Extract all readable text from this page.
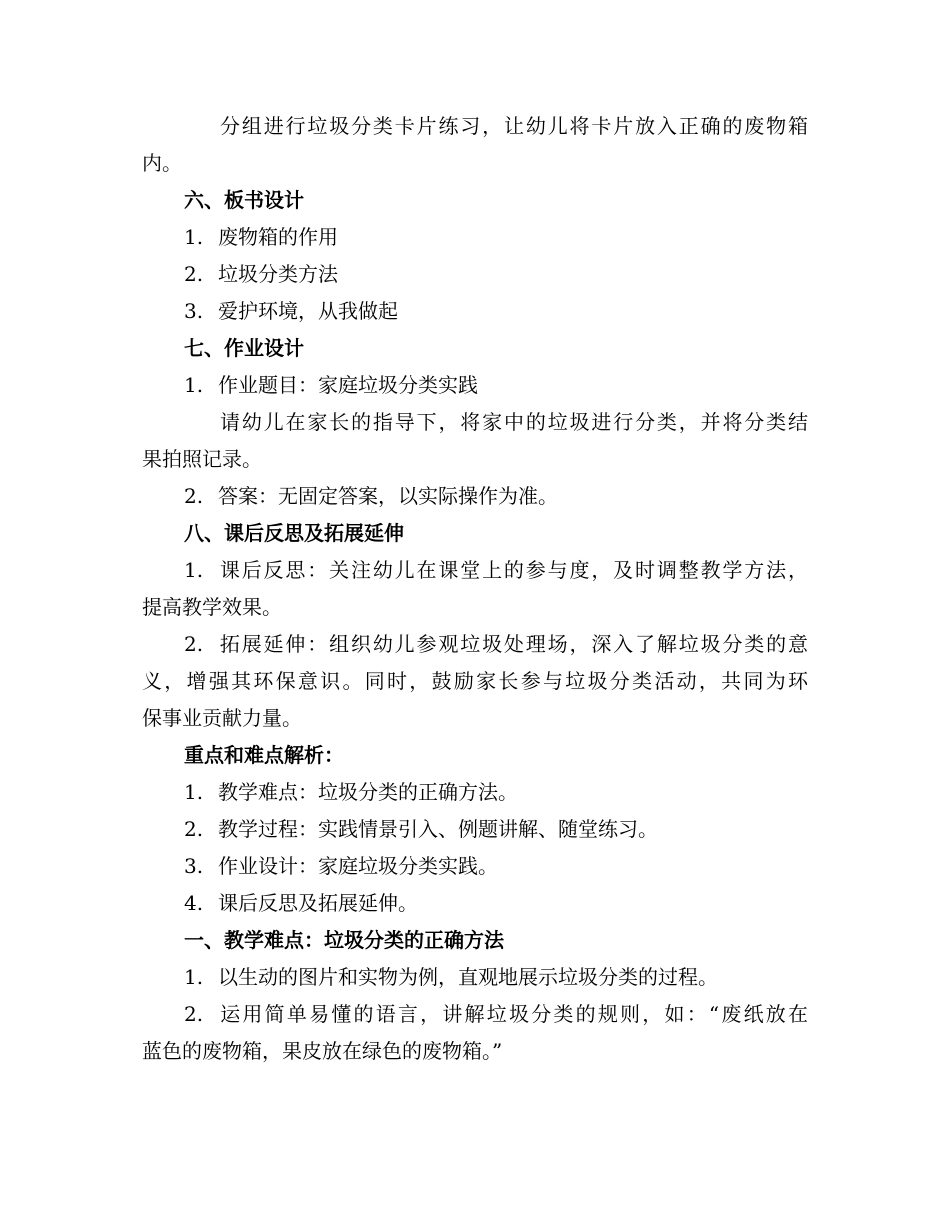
分组进行垃圾分类卡片练习，让幼儿将卡片放入正确的废物箱
内。
六、板书设计
1. 废物箱的作用
2. 垃圾分类方法
3. 爱护环境，从我做起
七、作业设计
1. 作业题目：家庭垃圾分类实践
请幼儿在家长的指导下，将家中的垃圾进行分类，并将分类结
果拍照记录。
2. 答案：无固定答案，以实际操作为准。
八、课后反思及拓展延伸
1. 课后反思：关注幼儿在课堂上的参与度，及时调整教学方法，
提高教学效果。
2. 拓展延伸：组织幼儿参观垃圾处理场，深入了解垃圾分类的意
义，增强其环保意识。同时，鼓励家长参与垃圾分类活动，共同为环
保事业贡献力量。
重点和难点解析：
1. 教学难点：垃圾分类的正确方法。
2. 教学过程：实践情景引入、例题讲解、随堂练习。
3. 作业设计：家庭垃圾分类实践。
4. 课后反思及拓展延伸。
一、教学难点：垃圾分类的正确方法
1. 以生动的图片和实物为例，直观地展示垃圾分类的过程。
2. 运用简单易懂的语言，讲解垃圾分类的规则，如：“废纸放在
蓝色的废物箱，果皮放在绿色的废物箱。”
